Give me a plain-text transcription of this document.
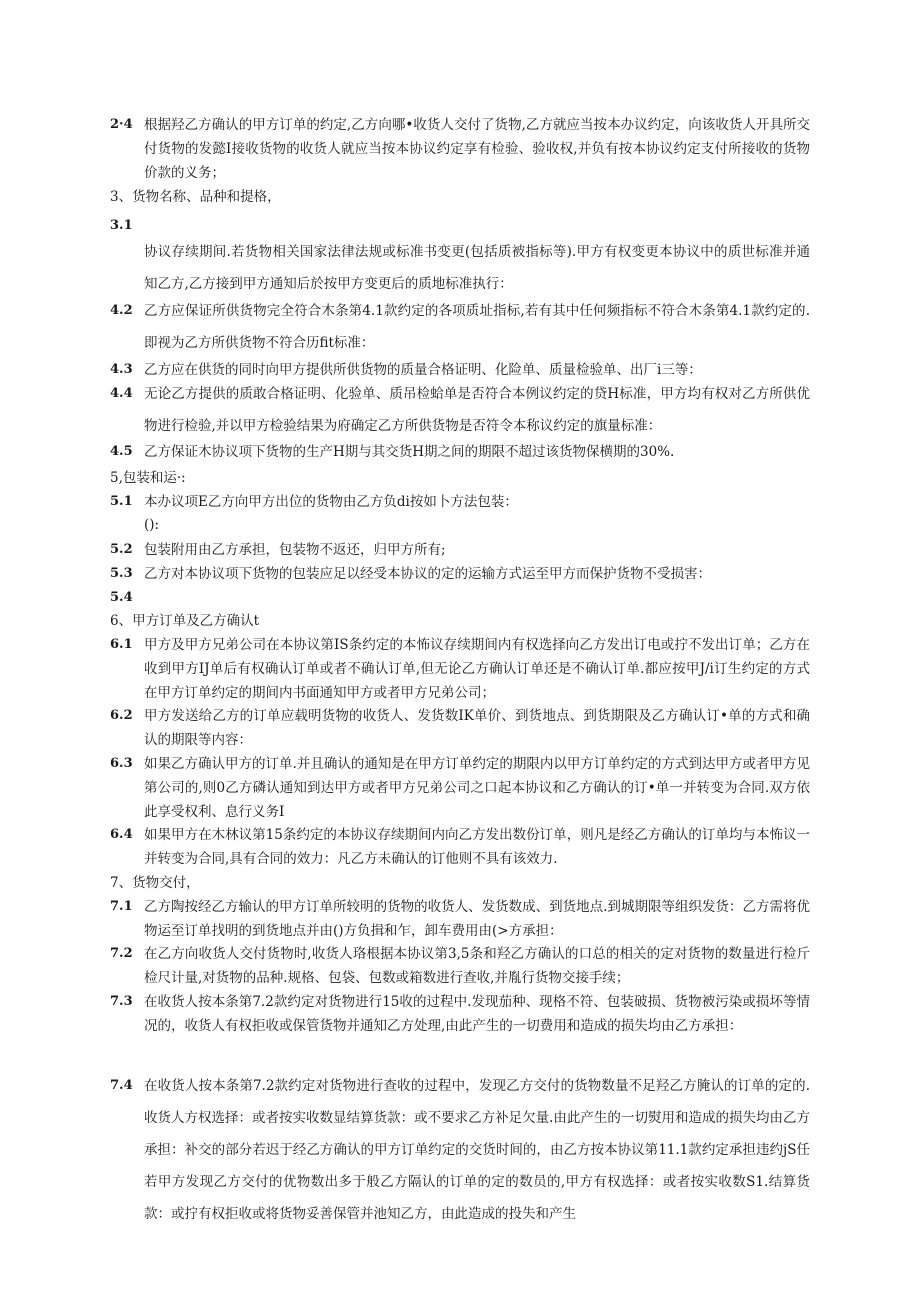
2·4 根据羟乙方确认的甲方订单的约定,乙方向哪•收货人交付了货物,乙方就应当按本办议约定，向该收货人开具所交付货物的发懿I接收货物的收货人就应当按本协议约定享有检验、验收权,并负有按本协议约定支付所接收的货物价款的义务；
3、货物名称、品种和提格，
3.1
协议存续期间.若货物相关国家法律法规或标准书变更(包括质被指标等).甲方有权变更本协议中的质世标准并通知乙方,乙方接到甲方通知后於按甲方变更后的质地标准执行：
4.2 乙方应保证所供货物完全符合木条第4.1款约定的各项质址指标,若有其中任何频指标不符合木条第4.1款约定的.即视为乙方所供货物不符合历fit标准：
4.3 乙方应在供货的同时向甲方提供所供货物的质量合格证明、化险单、质量检验单、出厂i三等：
4.4 无论乙方提供的质敢合格证明、化验单、质吊检蛤单是否符合本例议约定的贷H标准，甲方均有权对乙方所供优物进行检验,并以甲方检验结果为府确定乙方所供货物是否符令本称议约定的旗量标准：
4.5 乙方保证木协议项下货物的生产H期与其交货H期之间的期限不超过该货物保横期的30%.
5,包装和运·:
5.1 本办议项E乙方向甲方出位的货物由乙方负di按如卜方法包装：
():
5.2 包装附用由乙方承担，包装物不返还，归甲方所有;
5.3 乙方对本协议项下货物的包装应足以经受本协议的定的运输方式运至甲方而保护货物不受损害：
5.4
6、甲方订单及乙方确认t
6.1 甲方及甲方兄弟公司在本协议第IS条约定的本怖议存续期间内有权选择向乙方发出订电或拧不发出订单；乙方在收到甲方IJ单后有权确认订单或者不确认订单,但无论乙方确认订单还是不确认订单.都应按甲J/i订生约定的方式在甲方订单约定的期间内书面通知甲方或者甲方兄弟公司；
6.2 甲方发送给乙方的订单应载明货物的收货人、发货数IK单价、到货地点、到货期限及乙方确认订•单的方式和确认的期限等内容：
6.3 如果乙方确认甲方的订单.并且确认的通知是在甲方订单约定的期限内以甲方订单约定的方式到达甲方或者甲方见第公司的,则0乙方磷认通知到达甲方或者甲方兄弟公司之口起本协议和乙方确认的订•单一并转变为合同.双方依此享受权利、息行义务I
6.4 如果甲方在木林议第15条约定的本协议存续期间内向乙方发出数份订单，则凡是经乙方确认的订单均与本怖议一并转变为合同,具有合同的效力：凡乙方未确认的订他则不具有该效力.
7、货物交付，
7.1 乙方陶按经乙方输认的甲方订单所较明的货物的收货人、发货数成、到货地点.到城期限等组织发货：乙方需将优物运至订单找明的到货地点并由()方负揖和乍，卸车费用由(>方承担：
7.2 在乙方向收货人交付货物时,收货人珞根据本协议第3,5条和羟乙方确认的口总的相关的定对货物的数量进行检斤检尺计量,对货物的品种.规格、包袋、包数或箱数进行查收,并胤行货物交接手续；
7.3 在收货人按本条第7.2款约定对货物进行15收的过程中.发现茄种、现格不符、包装破损、货物被污染或损坏等情况的，收货人有权拒收或保管货物并通知乙方处理,由此产生的一切费用和造成的损失均由乙方承担：
7.4 在收货人按本条第7.2款约定对货物进行查收的过程中，发现乙方交付的货物数量不足羟乙方腌认的订单的定的.收货人方权选择：或者按实收数显结算货款：或不要求乙方补足欠量.由此产生的一切熨用和造成的损失均由乙方承担：补交的部分若迟于经乙方确认的甲方订单约定的交货时间的，由乙方按本协议第11.1款约定承担违约jS任 若甲方发现乙方交付的优物数出多于般乙方隔认的订单的定的数员的,甲方有权选择：或者按实收数S1.结算货款：或拧有权拒收或将货物妥善保管并池知乙方，由此造成的投失和产生
